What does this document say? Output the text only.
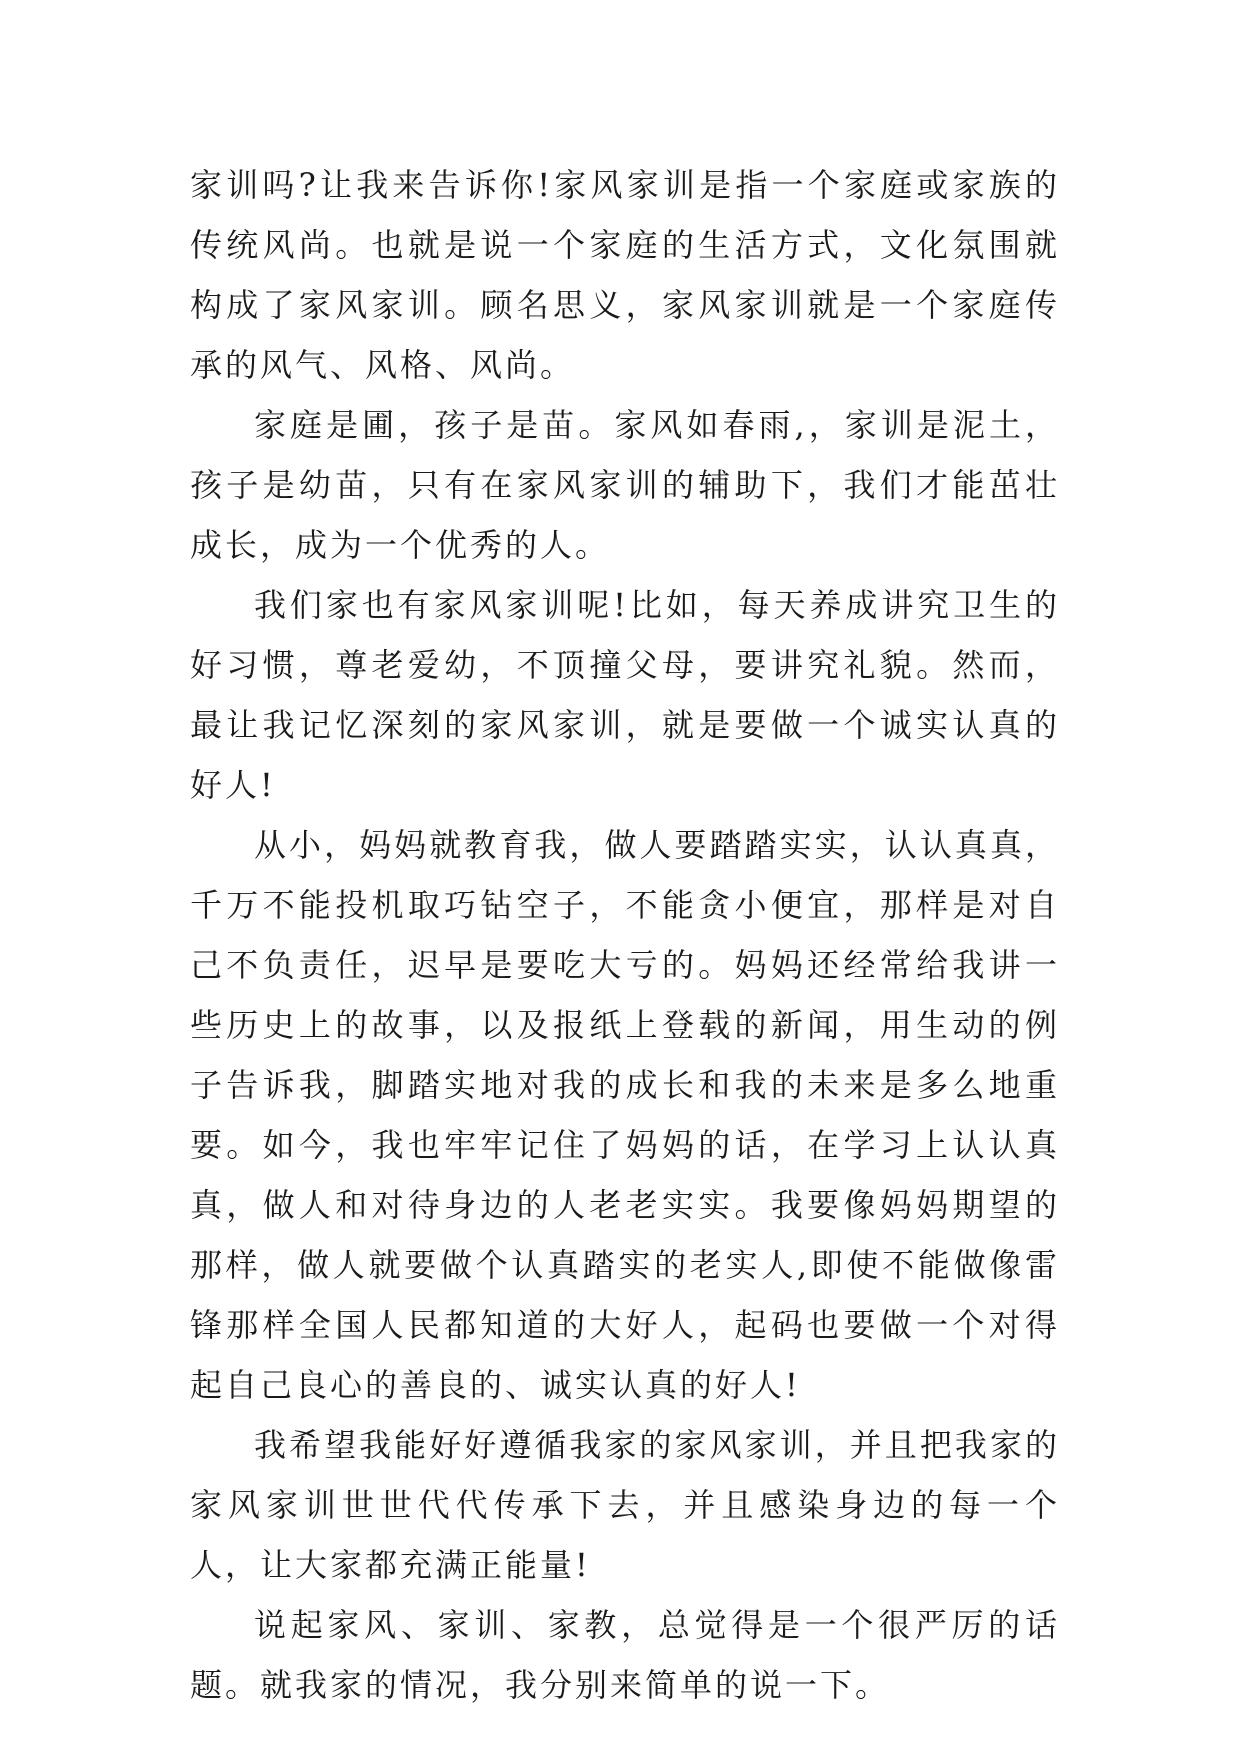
家训吗?让我来告诉你!家风家训是指一个家庭或家族的传统风尚。也就是说一个家庭的生活方式，文化氛围就构成了家风家训。顾名思义，家风家训就是一个家庭传承的风气、风格、风尚。

家庭是圃，孩子是苗。家风如春雨,，家训是泥土，孩子是幼苗，只有在家风家训的辅助下，我们才能茁壮成长，成为一个优秀的人。

我们家也有家风家训呢!比如，每天养成讲究卫生的好习惯，尊老爱幼，不顶撞父母，要讲究礼貌。然而，最让我记忆深刻的家风家训，就是要做一个诚实认真的好人!

从小，妈妈就教育我，做人要踏踏实实，认认真真，千万不能投机取巧钻空子，不能贪小便宜，那样是对自己不负责任，迟早是要吃大亏的。妈妈还经常给我讲一些历史上的故事，以及报纸上登载的新闻，用生动的例子告诉我，脚踏实地对我的成长和我的未来是多么地重要。如今，我也牢牢记住了妈妈的话，在学习上认认真真，做人和对待身边的人老老实实。我要像妈妈期望的那样，做人就要做个认真踏实的老实人,即使不能做像雷锋那样全国人民都知道的大好人，起码也要做一个对得起自己良心的善良的、诚实认真的好人!

我希望我能好好遵循我家的家风家训，并且把我家的家风家训世世代代传承下去，并且感染身边的每一个人，让大家都充满正能量!

说起家风、家训、家教，总觉得是一个很严厉的话题。就我家的情况，我分别来简单的说一下。
